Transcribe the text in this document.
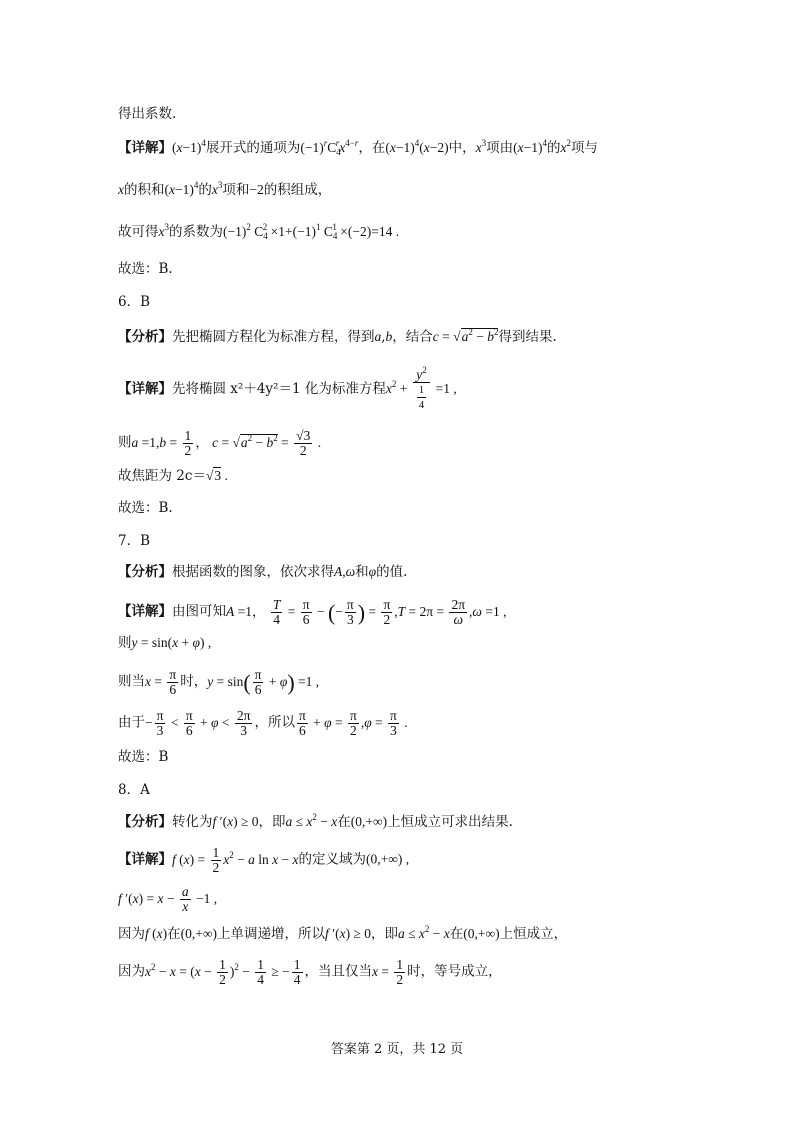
得出系数.
【详解】$(x-1)^4$展开式的通项为$(-1)^rC_4^rx^{4-r}$，在$(x-1)^4(x-2)$中，$x^3$项由$(x-1)^4$的$x^2$项与
x的积和$(x-1)^4$的$x^3$项和−2的积组成，
故可得$x^3$的系数为$(-1)^2$ $C_4^2 \times 1+(-1)^1$ $C_4^1 \times(-2)=14$ .
故选：B.
6．B
【分析】先把椭圆方程化为标准方程，得到a,b，结合$c = √a^2 - b^2$得到结果.
【详解】先将椭圆 x²＋4y²＝1 化为标准方程$x^2 + \frac{y^2}{\frac{1}{4}} =1$ ,
则$a =1,b = \frac{1}{2}$ ， $c = √a^2 - b^2 = \frac{√3}{2}$ .
故焦距为 2c＝√3 .
故选：B.
7．B
【分析】根据函数的图象，依次求得A,ω和φ的值.
【详解】由图可知A =1， $\frac{T}{4} = \frac{\pi}{6}$ − (− $\frac{\pi}{3}$ ) = $\frac{\pi}{2} ,T = 2\pi = \frac{2\pi}{\omega} ,\omega =1$ ,
则y = sin(x + φ) ,
则当$x = \frac{\pi}{6}$ 时，$y = \sin( \frac{\pi}{6} + \varphi) =1$ ,
由于− $\frac{\pi}{3} < \frac{\pi}{6} + \varphi < \frac{2\pi}{3}$ ，所以 $\frac{\pi}{6} + \varphi = \frac{\pi}{2} ,\varphi = \frac{\pi}{3}$ .
故选：B
8．A
【分析】转化为f ′(x) ≥ 0，即$a \le x^2 - x$在(0,+∞)上恒成立可求出结果.
【详解】f $(x) = \frac{1}{2} x^2 - a$ ln x − x的定义域为(0,+∞) ,
f $'(x) = x - \frac{a}{x} -1$ ,
因为f (x)在(0,+∞)上单调递增，所以f ′(x) ≥ 0，即$a \le x^2 - x$在(0,+∞)上恒成立，
因为$x^2 - x = (x - \frac{1}{2} )^2 - \frac{1}{4}$ ≥ − $\frac{1}{4}$ ，当且仅当$x = \frac{1}{2}$ 时，等号成立，
答案第 2 页，共 12 页
